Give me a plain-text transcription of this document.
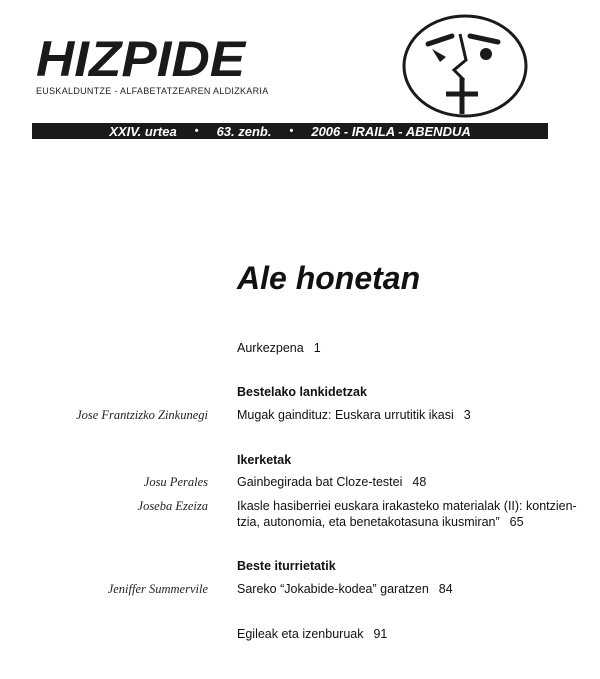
HIZPIDE
EUSKALDUNTZE - ALFABETATZEAREN ALDIZKARIA
XXIV. urtea • 63. zenb. • 2006 - IRAILA - ABENDUA
Ale honetan
Aurkezpena 1
Bestelako lankidetzak
Jose Frantzizko Zinkunegi Mugak gaindituz: Euskara urrutitik ikasi 3
Ikerketak
Josu Perales Gainbegirada bat Cloze-testei 48
Joseba Ezeiza Ikasle hasiberriei euskara irakasteko materialak (II): kontzien-
tzia, autonomia, eta benetakotasuna ikusmiran” 65
Beste iturrietatik
Jeniffer Summervile Sareko “Jokabide-kodea” garatzen 84
Egileak eta izenburuak 91
